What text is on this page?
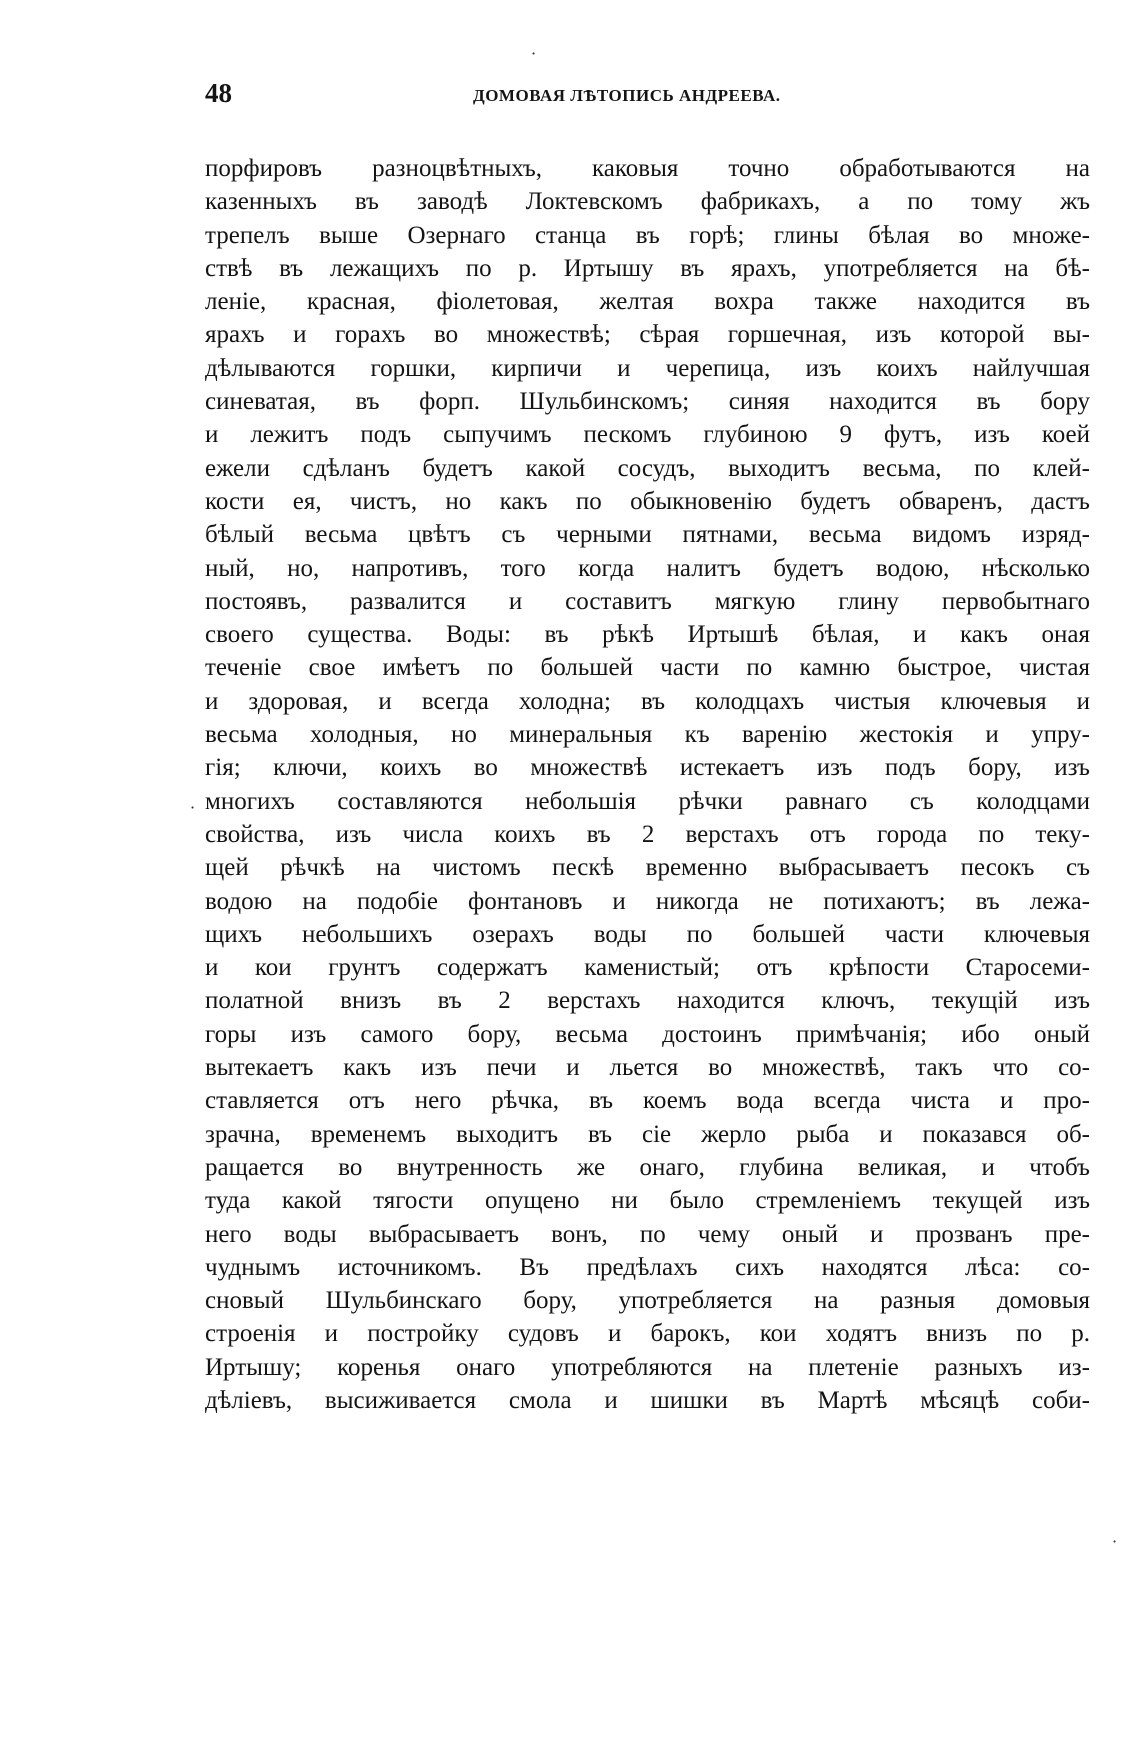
48	ДОМОВАЯ ЛѢТОПИСЬ АНДРЕЕВА.
порфировъ разноцвѣтныхъ, каковыя точно обработываются на
казенныхъ въ заводѣ Локтевскомъ фабрикахъ, а по тому жъ
трепелъ выше Озернаго станца въ горѣ; глины бѣлая во множе-
ствѣ въ лежащихъ по р. Иртышу въ ярахъ, употребляется на бѣ-
леніе, красная, фіолетовая, желтая вохра также находится въ
ярахъ и горахъ во множествѣ; сѣрая горшечная, изъ которой вы-
дѣлываются горшки, кирпичи и черепица, изъ коихъ найлучшая
синеватая, въ форп. Шульбинскомъ; синяя находится въ бору
и лежитъ подъ сыпучимъ пескомъ глубиною 9 футъ, изъ коей
ежели сдѣланъ будетъ какой сосудъ, выходитъ весьма, по клей-
кости ея, чистъ, но какъ по обыкновенію будетъ обваренъ, дастъ
бѣлый весьма цвѣтъ съ черными пятнами, весьма видомъ изряд-
ный, но, напротивъ, того когда налитъ будетъ водою, нѣсколько
постоявъ, развалится и составитъ мягкую глину первобытнаго
своего существа. Воды: въ рѣкѣ Иртышѣ бѣлая, и какъ оная
теченіе свое имѣетъ по большей части по камню быстрое, чистая
и здоровая, и всегда холодна; въ колодцахъ чистыя ключевыя и
весьма холодныя, но минеральныя къ варенію жестокія и упру-
гія; ключи, коихъ во множествѣ истекаетъ изъ подъ бору, изъ
многихъ составляются небольшія рѣчки равнаго съ колодцами
свойства, изъ числа коихъ въ 2 верстахъ отъ города по теку-
щей рѣчкѣ на чистомъ пескѣ временно выбрасываетъ песокъ съ
водою на подобіе фонтановъ и никогда не потихаютъ; въ лежа-
щихъ небольшихъ озерахъ воды по большей части ключевыя
и кои грунтъ содержатъ каменистый; отъ крѣпости Старосеми-
полатной внизъ въ 2 верстахъ находится ключъ, текущій изъ
горы изъ самого бору, весьма достоинъ примѣчанія; ибо оный
вытекаетъ какъ изъ печи и льется во множествѣ, такъ что со-
ставляется отъ него рѣчка, въ коемъ вода всегда чиста и про-
зрачна, временемъ выходитъ въ сіе жерло рыба и показався об-
ращается во внутренность же онаго, глубина великая, и чтобъ
туда какой тягости опущено ни было стремленіемъ текущей изъ
него воды выбрасываетъ вонъ, по чему оный и прозванъ пре-
чуднымъ источникомъ. Въ предѣлахъ сихъ находятся лѣса: со-
сновый Шульбинскаго бору, употребляется на разныя домовыя
строенія и постройку судовъ и барокъ, кои ходятъ внизъ по р.
Иртышу; коренья онаго употребляются на плетеніе разныхъ из-
дѣліевъ, высиживается смола и шишки въ Мартѣ мѣсяцѣ соби-
·
·
·
